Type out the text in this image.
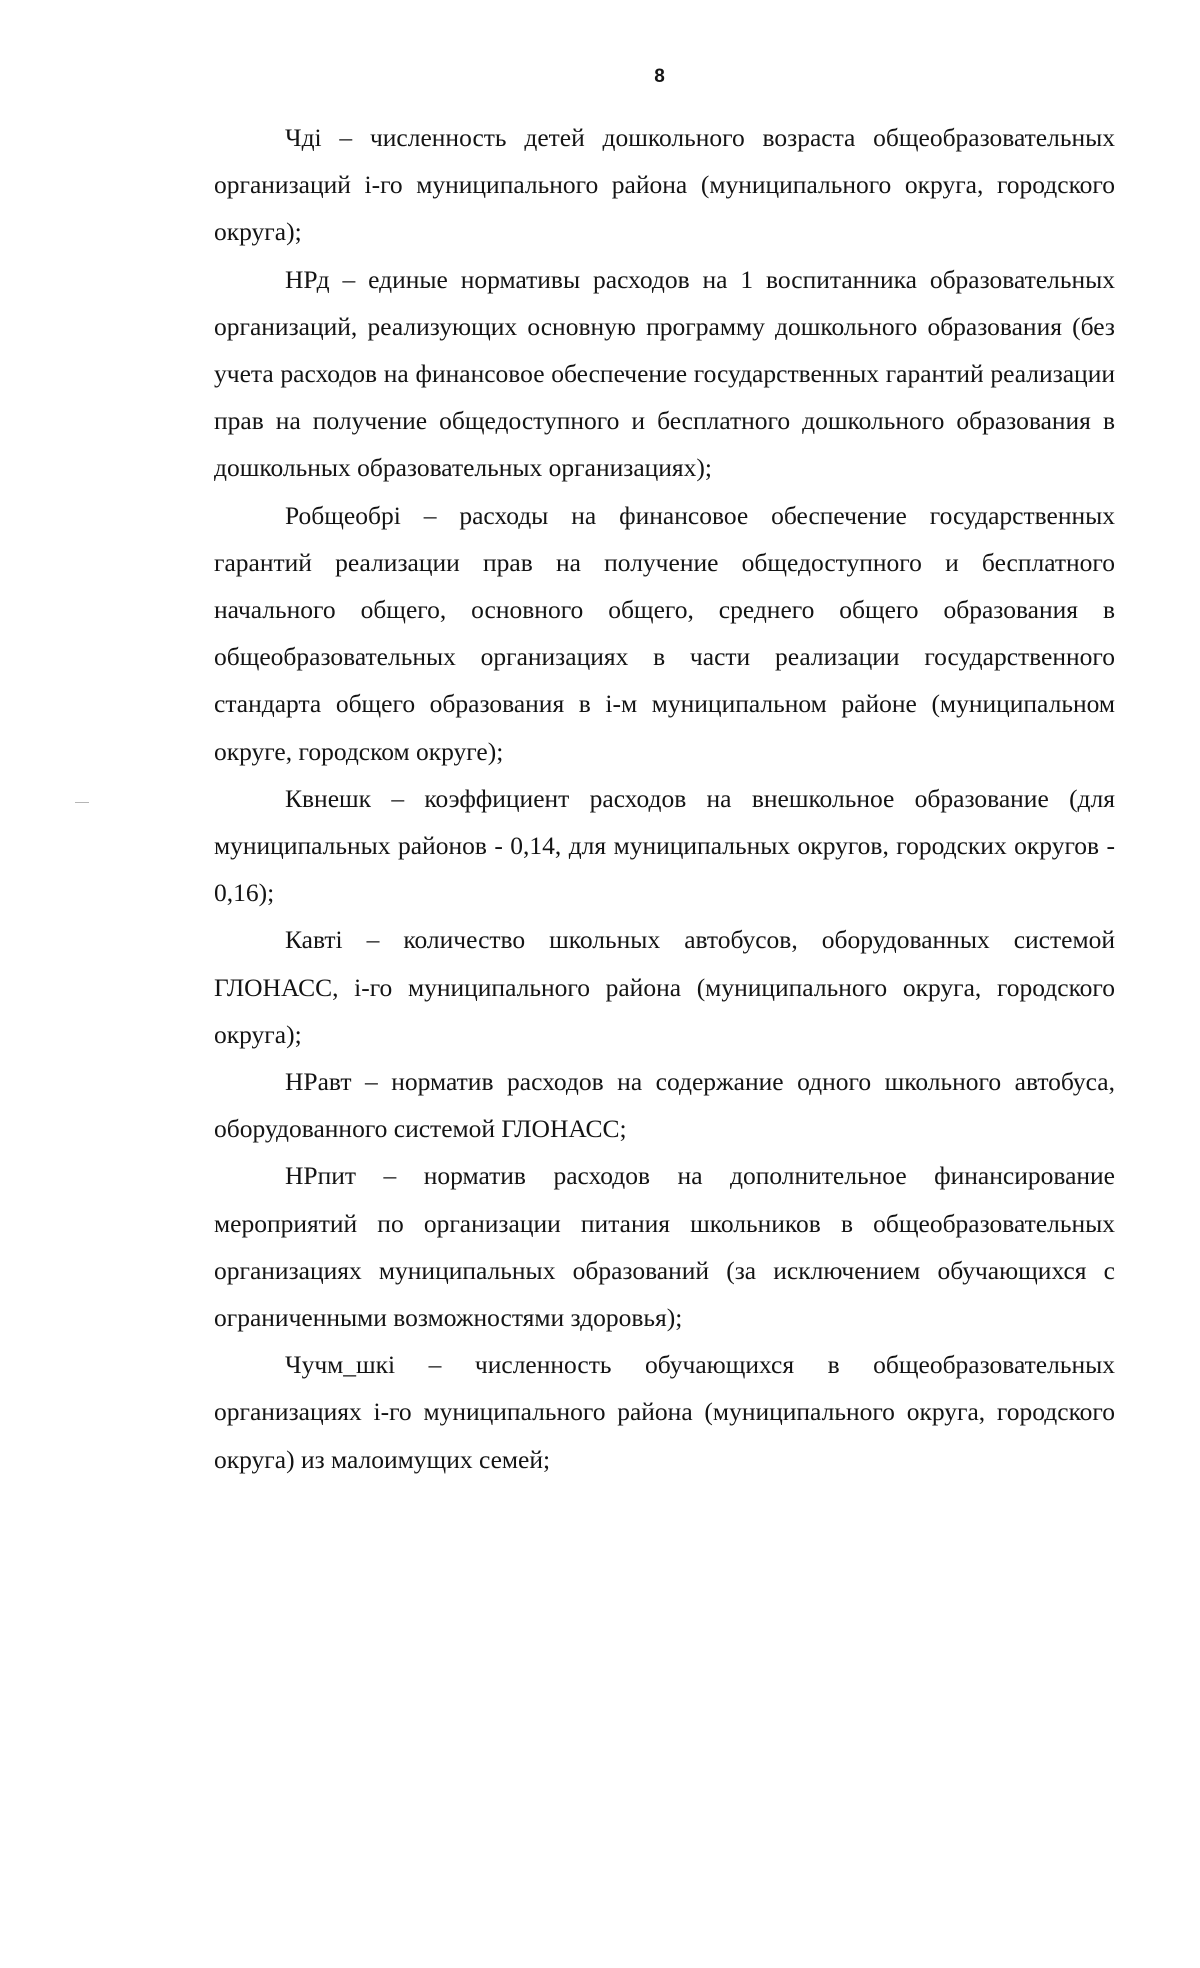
8

Чдi – численность детей дошкольного возраста общеобразовательных организаций i-го муниципального района (муниципального округа, городского округа);

НРд – единые нормативы расходов на 1 воспитанника образовательных организаций, реализующих основную программу дошкольного образования (без учета расходов на финансовое обеспечение государственных гарантий реализации прав на получение общедоступного и бесплатного дошкольного образования в дошкольных образовательных организациях);

Робщеобрi – расходы на финансовое обеспечение государственных гарантий реализации прав на получение общедоступного и бесплатного начального общего, основного общего, среднего общего образования в общеобразовательных организациях в части реализации государственного стандарта общего образования в i-м муниципальном районе (муниципальном округе, городском округе);

Квнешк – коэффициент расходов на внешкольное образование (для муниципальных районов - 0,14, для муниципальных округов, городских округов - 0,16);

Кавтi – количество школьных автобусов, оборудованных системой ГЛОНАСС, i-го муниципального района (муниципального округа, городского округа);

НРавт – норматив расходов на содержание одного школьного автобуса, оборудованного системой ГЛОНАСС;

НРпит – норматив расходов на дополнительное финансирование мероприятий по организации питания школьников в общеобразовательных организациях муниципальных образований (за исключением обучающихся с ограниченными возможностями здоровья);

Чучм_шкi – численность обучающихся в общеобразовательных организациях i-го муниципального района (муниципального округа, городского округа) из малоимущих семей;
